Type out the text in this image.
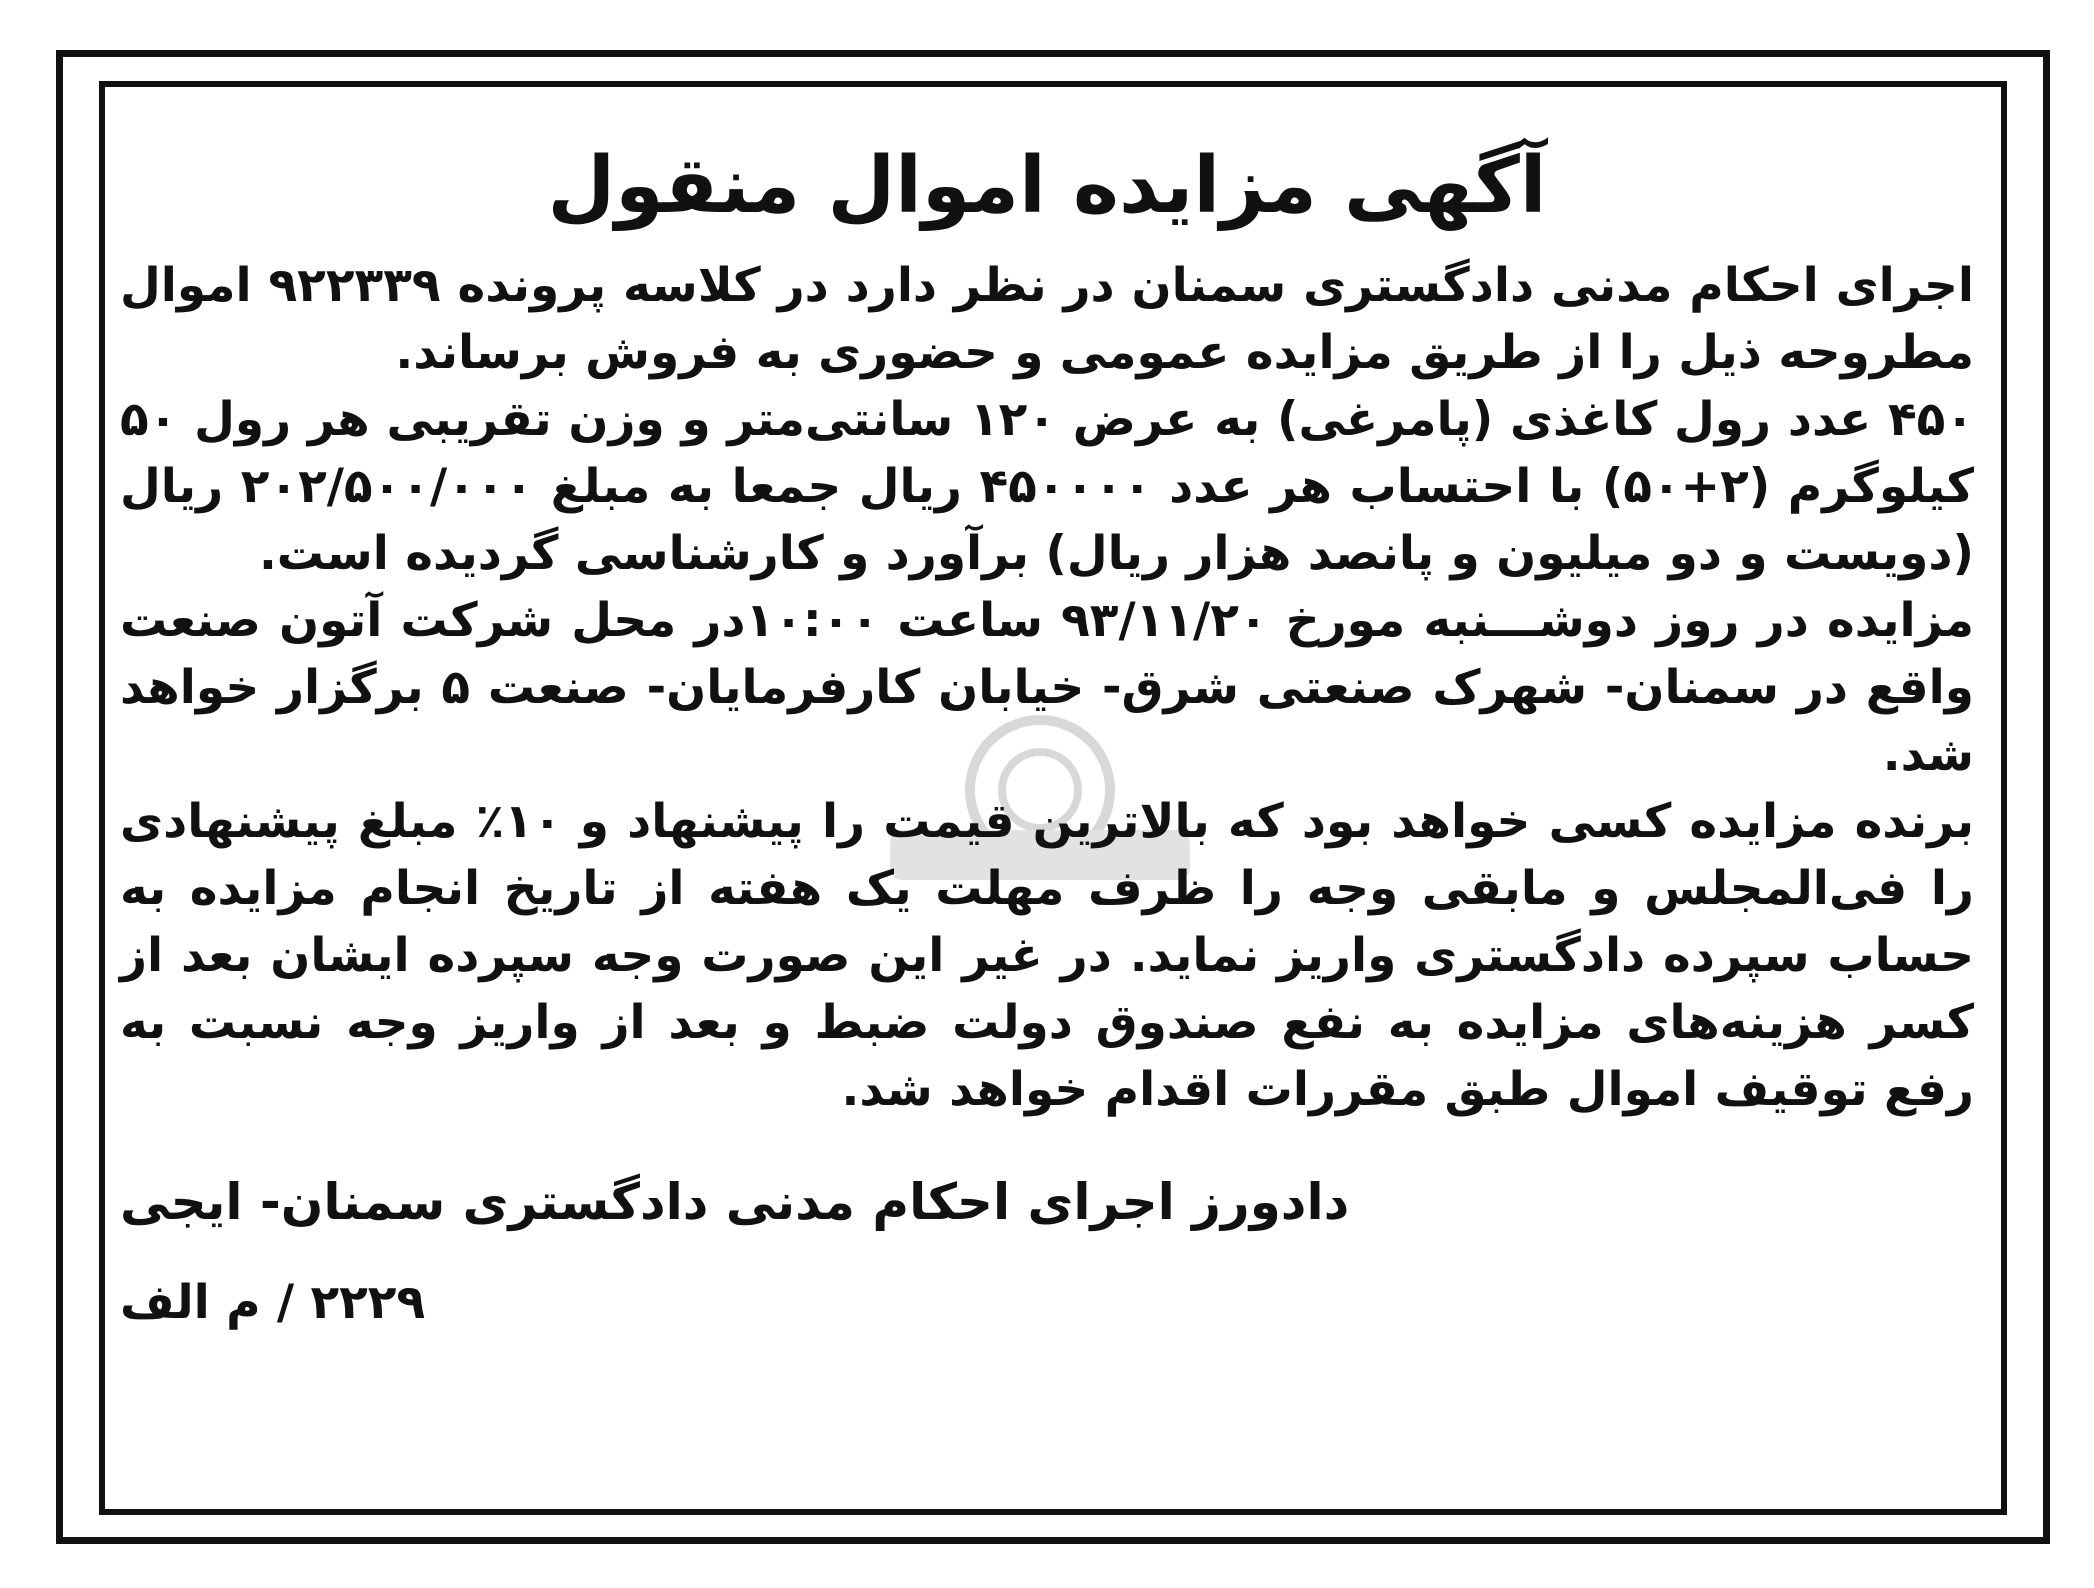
آگهی مزایده اموال منقول

اجرای احکام مدنی دادگستری سمنان در نظر دارد در کلاسه پرونده ۹۲۲۳۳۹ اموال مطروحه ذیل را از طریق مزایده عمومی و حضوری به فروش برساند.

۴۵۰ عدد رول کاغذی (پامرغی) به عرض ۱۲۰ سانتی‌متر و وزن تقریبی هر رول ۵۰ کیلوگرم (۲+۵۰) با احتساب هر عدد ۴۵۰۰۰۰ ریال جمعا به مبلغ ۲۰۲/۵۰۰/۰۰۰ ریال (دویست و دو میلیون و پانصد هزار ریال) برآورد و کارشناسی گردیده است.

مزایده در روز دوشـــنبه مورخ ۹۳/۱۱/۲۰ ساعت ۱۰:۰۰در محل شرکت آتون صنعت واقع در سمنان- شهرک صنعتی شرق- خیابان کارفرمایان- صنعت ۵ برگزار خواهد شد.

برنده مزایده کسی خواهد بود که بالاترین قیمت را پیشنهاد و ۱۰٪ مبلغ پیشنهادی را فی‌المجلس و مابقی وجه را ظرف مهلت یک هفته از تاریخ انجام مزایده به حساب سپرده دادگستری واریز نماید. در غیر این صورت وجه سپرده ایشان بعد از کسر هزینه‌های مزایده به نفع صندوق دولت ضبط و بعد از واریز وجه نسبت به رفع توقیف اموال طبق مقررات اقدام خواهد شد.

دادورز اجرای احکام مدنی دادگستری سمنان- ایجی
۲۲۲۹ / م الف
